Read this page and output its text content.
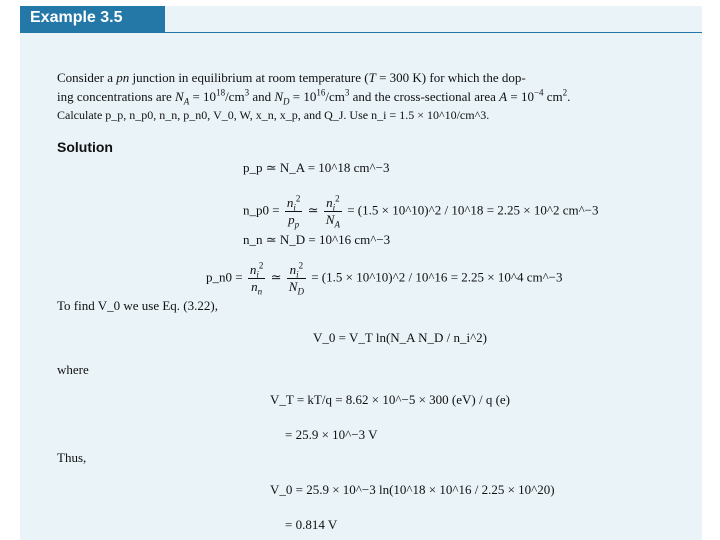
Example 3.5
Consider a pn junction in equilibrium at room temperature (T = 300 K) for which the dop-
ing concentrations are $N_A = 10^{18}/cm^3$ and $N_D = 10^{16}/cm^3$ and the cross-sectional area $A = 10^{-4}$ $cm^2$.
Calculate p_p, n_p0, n_n, p_n0, V_0, W, x_n, x_p, and Q_J. Use n_i = 1.5 × 10^10/cm^3.
Solution
p_p ≃ N_A = 10^18 cm^−3
n_p0 = $\frac{n_i^2}{p_p}$ ≃ $\frac{n_i^2}{N_A} = (1.5$ × 10^10)^2 / 10^18 = 2.25 × 10^2 cm^−3
n_n ≃ N_D = 10^16 cm^−3
p_n0 = $\frac{n_i^2}{n_n}$ ≃ $\frac{n_i^2}{N_D} = (1.5$ × 10^10)^2 / 10^16 = 2.25 × 10^4 cm^−3
To find V_0 we use Eq. (3.22),
V_0 = V_T ln(N_A N_D / n_i^2)
where
V_T = kT/q = 8.62 × 10^−5 × 300 (eV) / q (e)
= 25.9 × 10^−3 V
Thus,
V_0 = 25.9 × 10^−3 ln(10^18 × 10^16 / 2.25 × 10^20)
= 0.814 V
